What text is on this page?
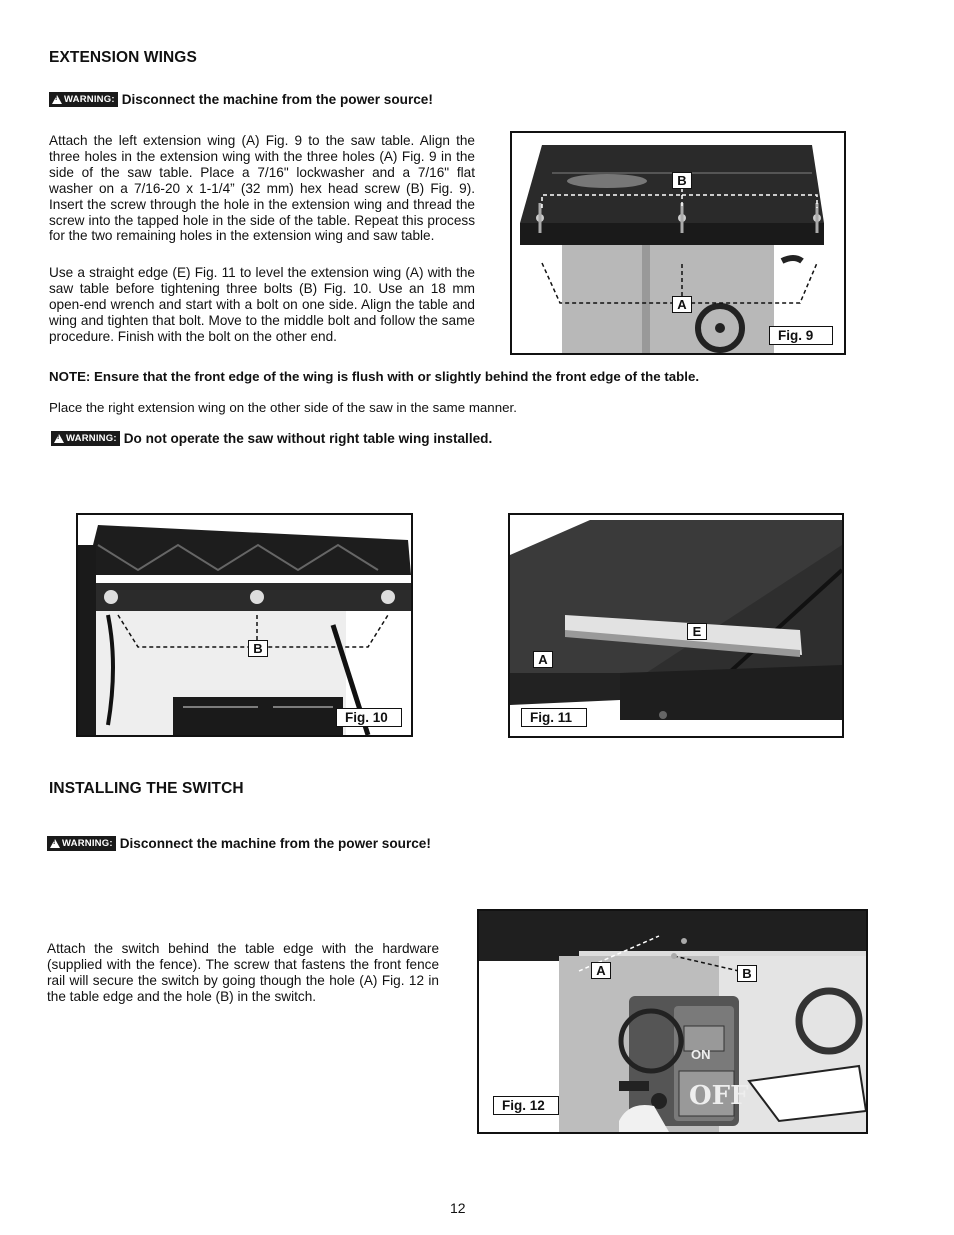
EXTENSION WINGS
!
WARNING: Disconnect the machine from the power source!
Attach the left extension wing (A) Fig. 9 to the saw table. Align the three holes in the extension wing with the three holes (A) Fig. 9 in the side of the saw table. Place a 7/16" lockwasher and a 7/16" flat washer on a 7/16-20 x 1-1/4” (32 mm) hex head screw (B) Fig. 9). Insert the screw through the hole in the extension wing and thread the screw into the tapped hole in the side of the table. Repeat this process for the two remaining holes in the extension wing and saw table.
Use a straight edge (E) Fig. 11 to level the extension wing (A) with the saw table before tightening three bolts (B) Fig. 10. Use an 18 mm open-end wrench and start with a bolt on one side. Align the table and wing and tighten that bolt. Move to the middle bolt and follow the same procedure. Finish with the bolt on the other end.
B
A
Fig. 9
NOTE: Ensure that the front edge of the wing is flush with or slightly behind the front edge of the table.
Place the right extension wing on the other side of the saw in the same manner.
!
WARNING: Do not operate the saw without right table wing installed.
B
Fig. 10
E
A
Fig. 11
INSTALLING THE SWITCH
!
WARNING: Disconnect the machine from the power source!
Attach the switch behind the table edge with the hardware (supplied with the fence). The screw that fastens the front fence rail will secure the switch by going though the hole (A) Fig. 12 in the table edge and the hole (B) in the switch.
ON
OFF
A	B
Fig. 12
12
